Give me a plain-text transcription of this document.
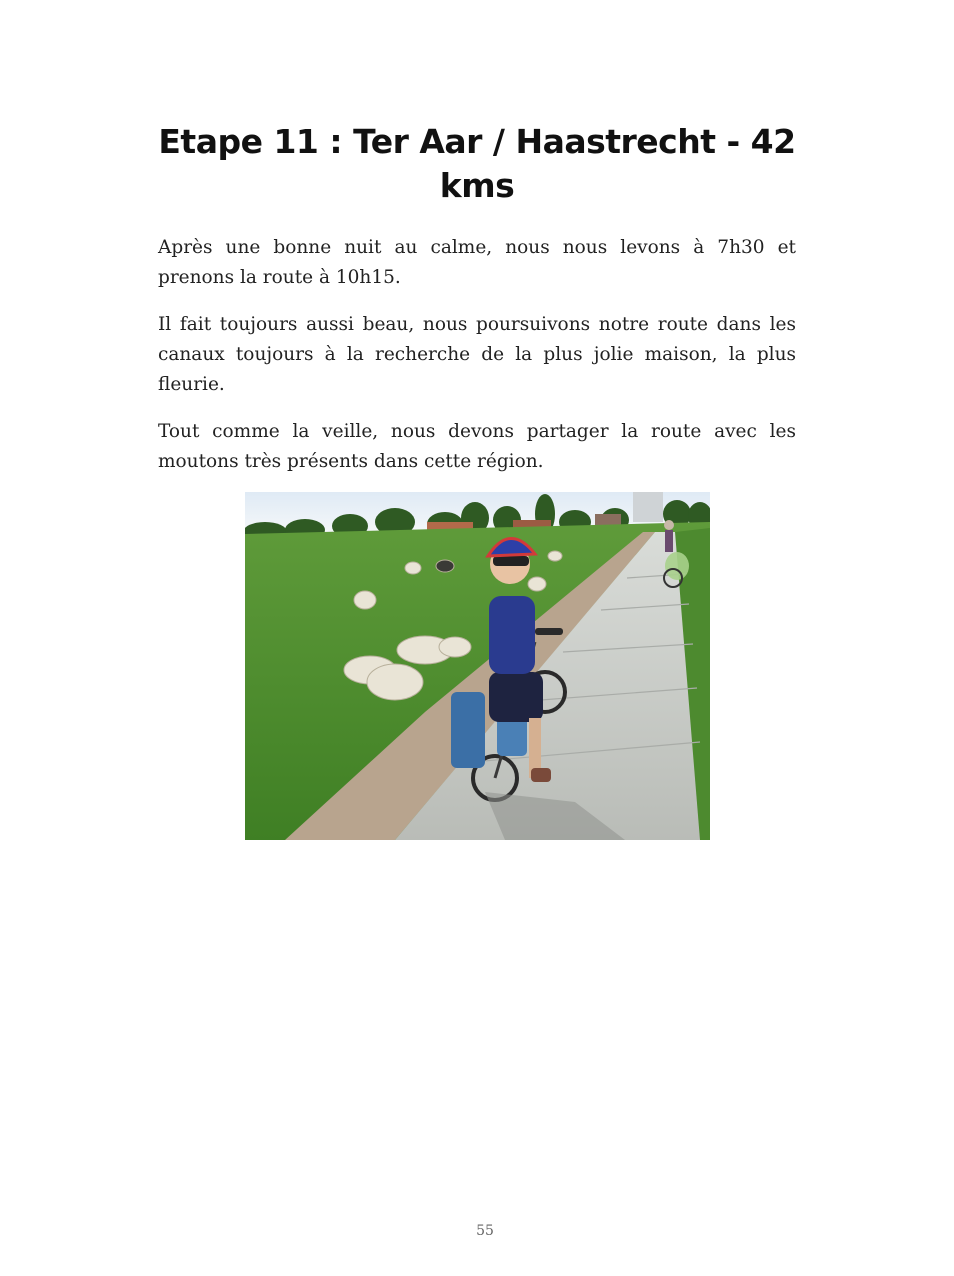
Etape 11 : Ter Aar / Haastrecht - 42 kms

Après une bonne nuit au calme, nous nous levons à 7h30 et prenons la route à 10h15.

Il fait toujours aussi beau, nous poursuivons notre route dans les canaux toujours à la recherche de la plus jolie maison, la plus fleurie.

Tout comme la veille, nous devons partager la route avec les moutons très présents dans cette région.

55
